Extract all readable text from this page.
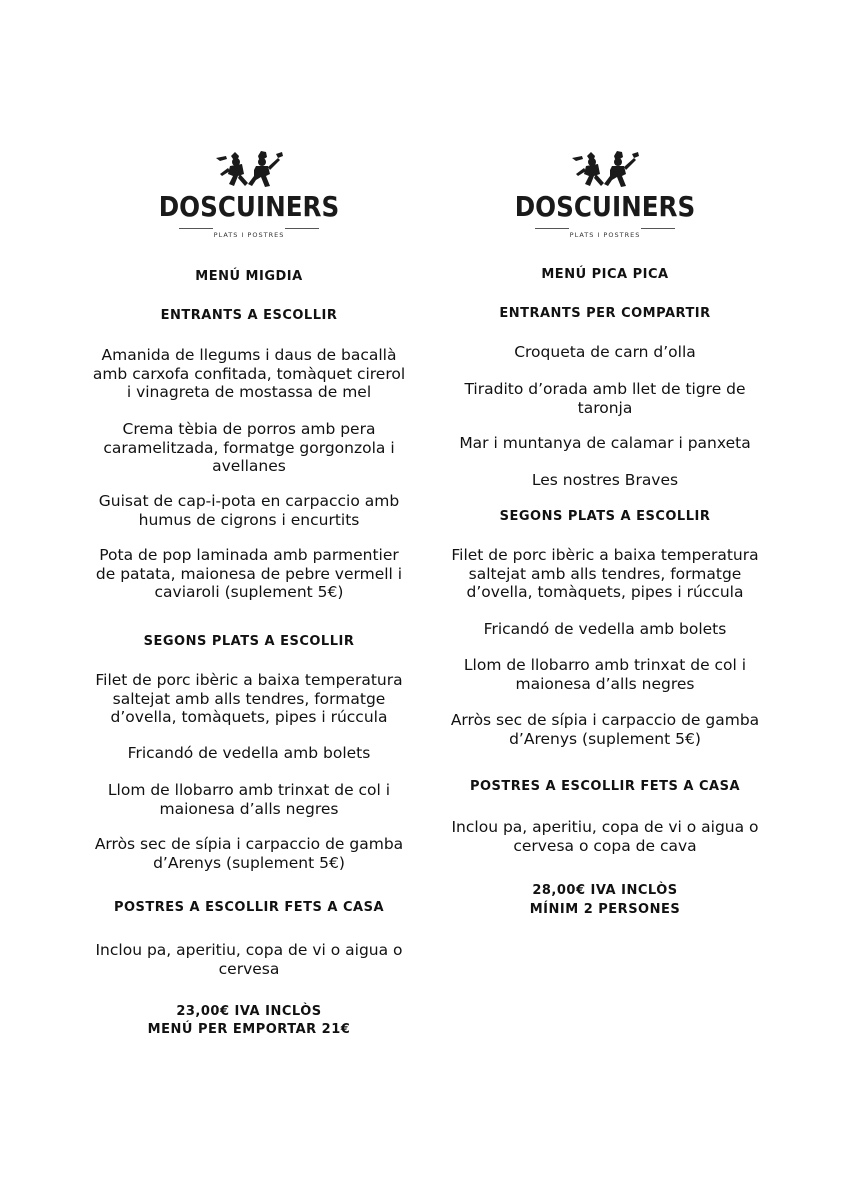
DOSCUINERS
PLATS I POSTRES
MENÚ MIGDIA
ENTRANTS A ESCOLLIR
Amanida de llegums i daus de bacallà amb carxofa confitada, tomàquet cirerol i vinagreta de mostassa de mel
Crema tèbia de porros amb pera caramelitzada, formatge gorgonzola i avellanes
Guisat de cap-i-pota en carpaccio amb humus de cigrons i encurtits
Pota de pop laminada amb parmentier de patata, maionesa de pebre vermell i caviaroli (suplement 5€)
SEGONS PLATS A ESCOLLIR
Filet de porc ibèric a baixa temperatura saltejat amb alls tendres, formatge d’ovella, tomàquets, pipes i rúccula
Fricandó de vedella amb bolets
Llom de llobarro amb trinxat de col i maionesa d’alls negres
Arròs sec de sípia i carpaccio de gamba d’Arenys (suplement 5€)
POSTRES A ESCOLLIR FETS A CASA
Inclou pa, aperitiu, copa de vi o aigua o cervesa
23,00€ IVA INCLÒS
MENÚ PER EMPORTAR 21€
DOSCUINERS
PLATS I POSTRES
MENÚ PICA PICA
ENTRANTS PER COMPARTIR
Croqueta de carn d’olla
Tiradito d’orada amb llet de tigre de taronja
Mar i muntanya de calamar i panxeta
Les nostres Braves
SEGONS PLATS A ESCOLLIR
Filet de porc ibèric a baixa temperatura saltejat amb alls tendres, formatge d’ovella, tomàquets, pipes i rúccula
Fricandó de vedella amb bolets
Llom de llobarro amb trinxat de col i maionesa d’alls negres
Arròs sec de sípia i carpaccio de gamba d’Arenys (suplement 5€)
POSTRES A ESCOLLIR FETS A CASA
Inclou pa, aperitiu, copa de vi o aigua o cervesa o copa de cava
28,00€ IVA INCLÒS
MÍNIM 2 PERSONES
